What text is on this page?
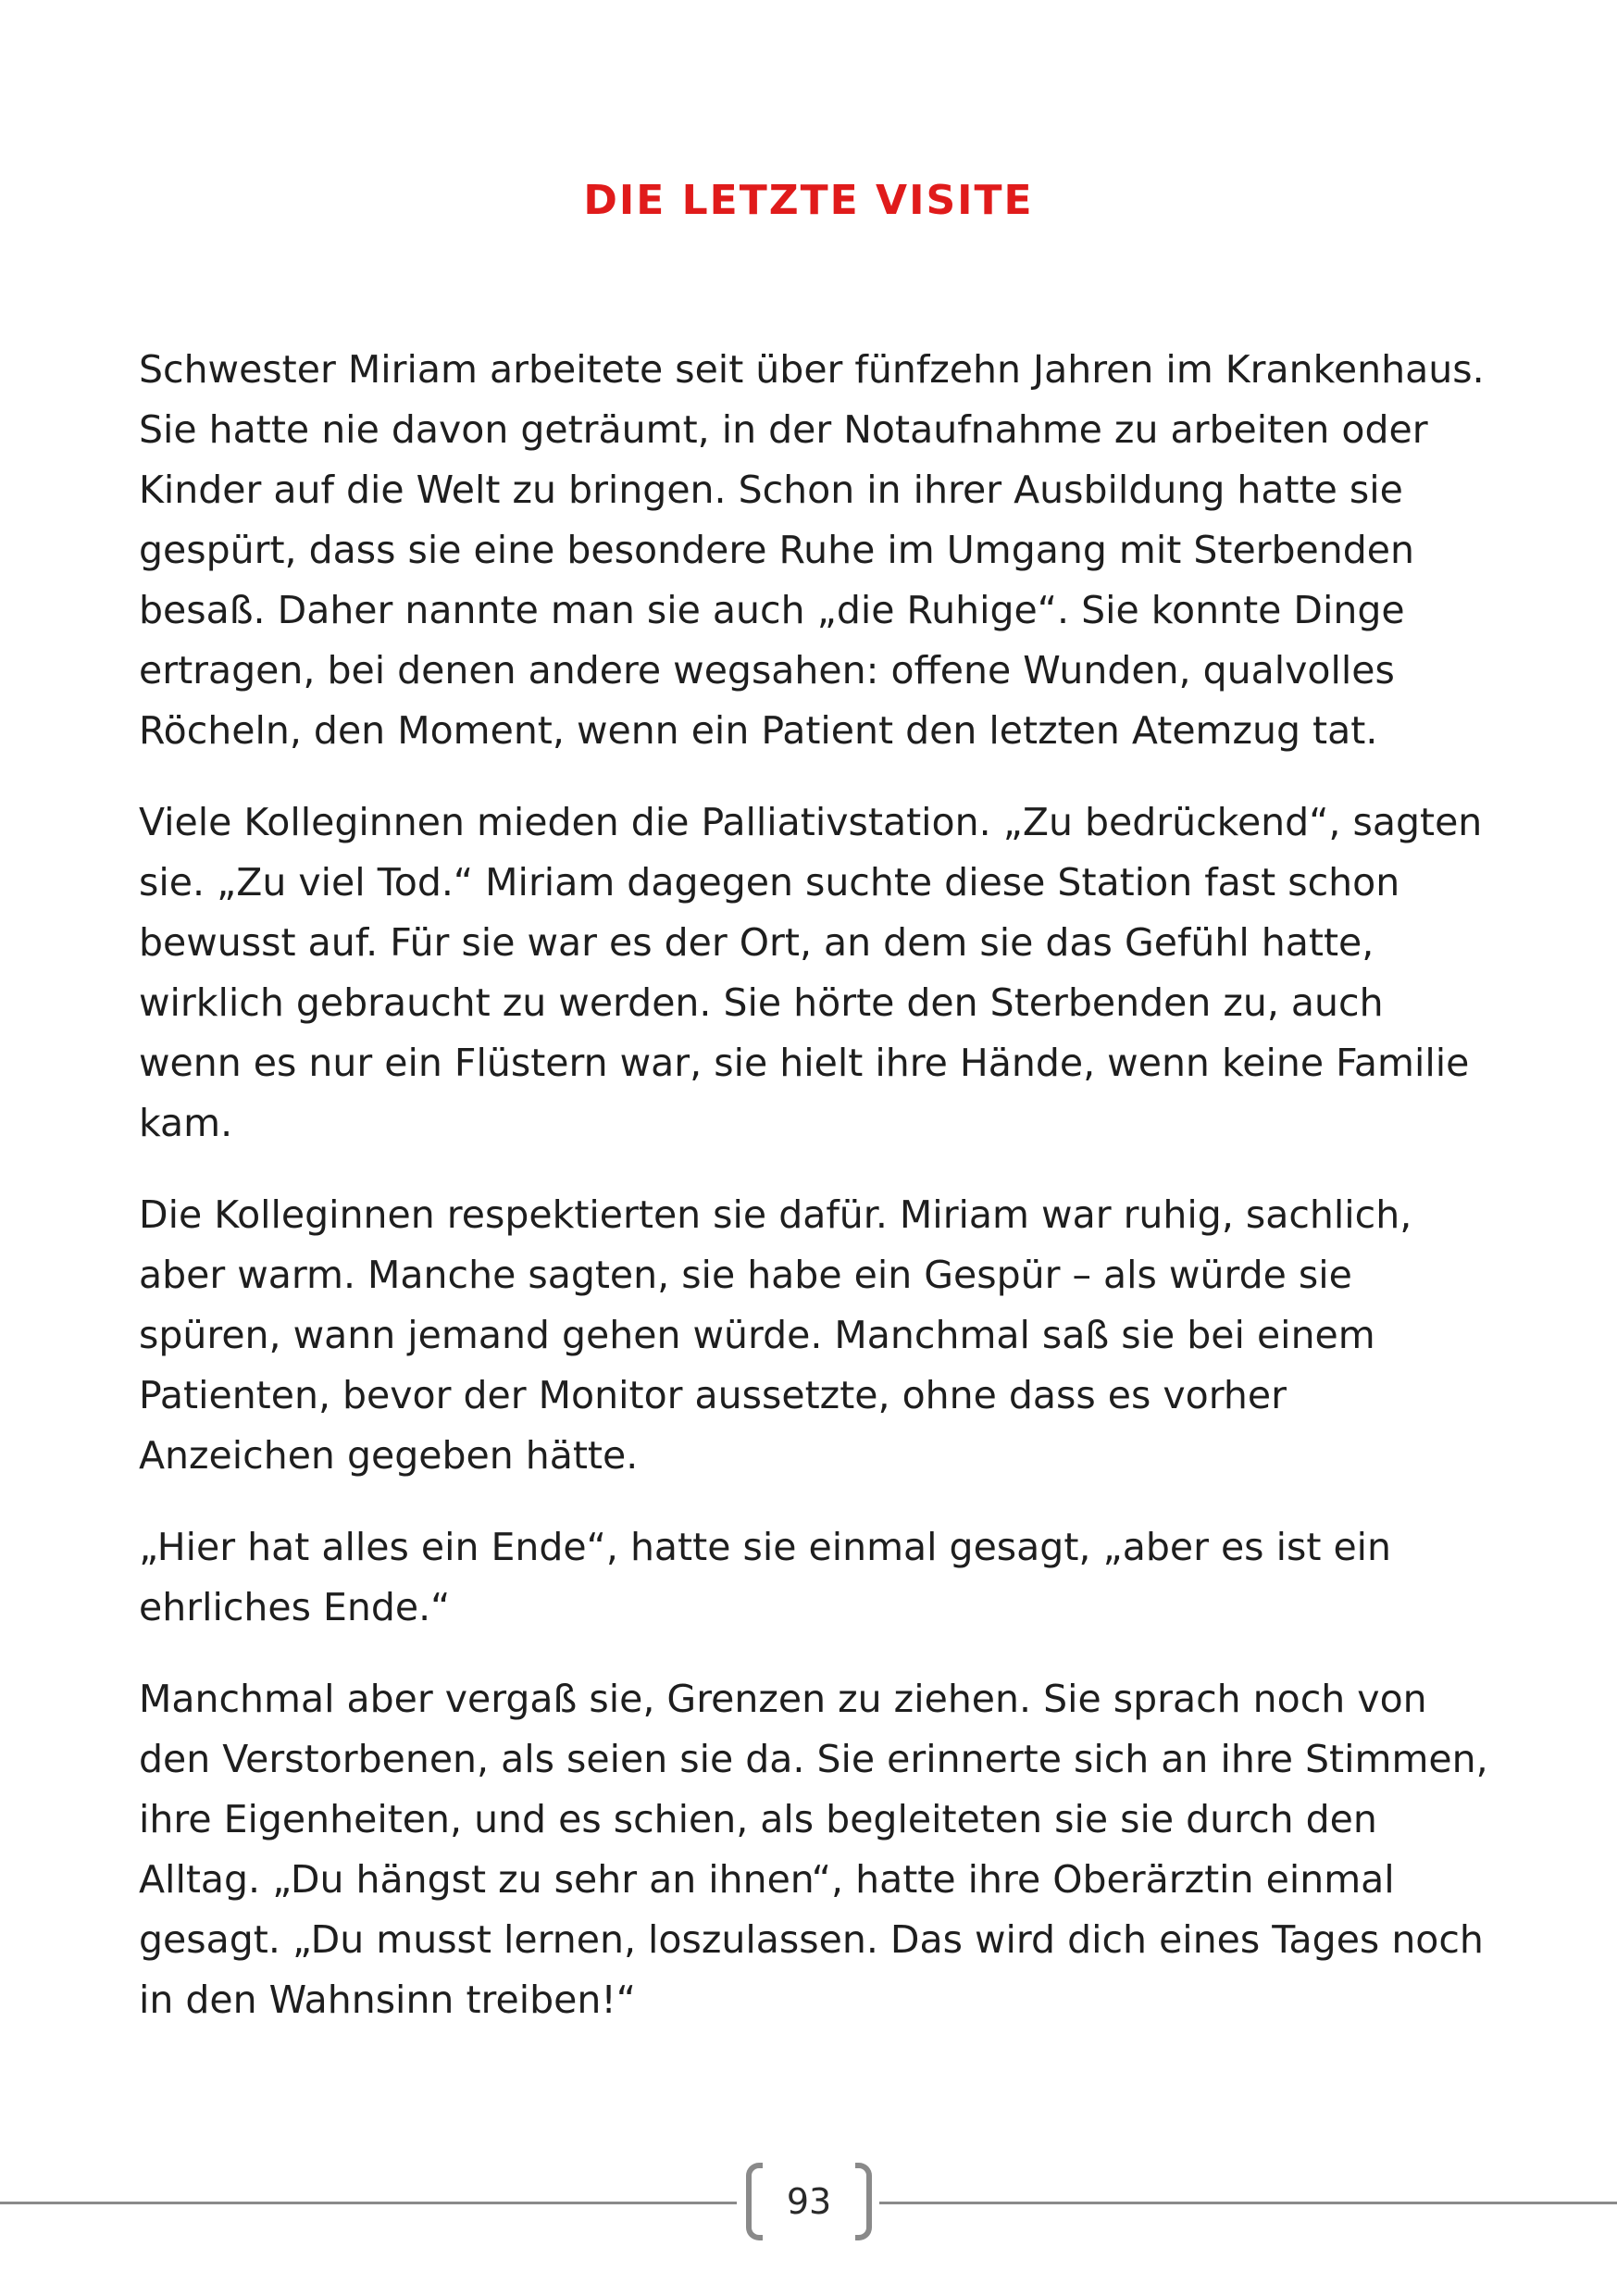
DIE LETZTE VISITE

Schwester Miriam arbeitete seit über fünfzehn Jahren im Krankenhaus. Sie hatte nie davon geträumt, in der Notaufnahme zu arbeiten oder Kinder auf die Welt zu bringen. Schon in ihrer Ausbildung hatte sie gespürt, dass sie eine besondere Ruhe im Umgang mit Sterbenden besaß. Daher nannte man sie auch „die Ruhige“. Sie konnte Dinge ertragen, bei denen andere wegsahen: offene Wunden, qualvolles Röcheln, den Moment, wenn ein Patient den letzten Atemzug tat.

Viele Kolleginnen mieden die Palliativstation. „Zu bedrückend“, sagten sie. „Zu viel Tod.“ Miriam dagegen suchte diese Station fast schon bewusst auf. Für sie war es der Ort, an dem sie das Gefühl hatte, wirklich gebraucht zu werden. Sie hörte den Sterbenden zu, auch wenn es nur ein Flüstern war, sie hielt ihre Hände, wenn keine Familie kam.

Die Kolleginnen respektierten sie dafür. Miriam war ruhig, sachlich, aber warm. Manche sagten, sie habe ein Gespür – als würde sie spüren, wann jemand gehen würde. Manchmal saß sie bei einem Patienten, bevor der Monitor aussetzte, ohne dass es vorher Anzeichen gegeben hätte.

„Hier hat alles ein Ende“, hatte sie einmal gesagt, „aber es ist ein ehrliches Ende.“

Manchmal aber vergaß sie, Grenzen zu ziehen. Sie sprach noch von den Verstorbenen, als seien sie da. Sie erinnerte sich an ihre Stimmen, ihre Eigenheiten, und es schien, als begleiteten sie sie durch den Alltag. „Du hängst zu sehr an ihnen“, hatte ihre Oberärztin einmal gesagt. „Du musst lernen, loszulassen. Das wird dich eines Tages noch in den Wahnsinn treiben!“

93
